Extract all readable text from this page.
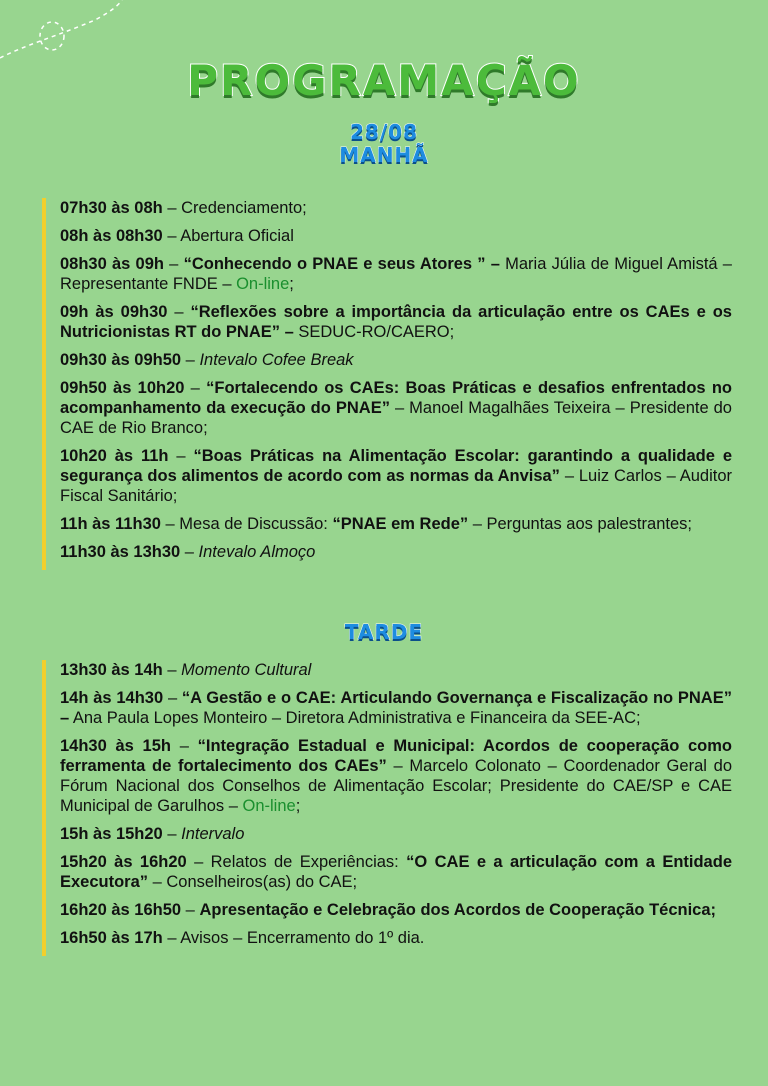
PROGRAMAÇÃO
28/08
MANHÃ
07h30 às 08h – Credenciamento;
08h às 08h30 – Abertura Oficial
08h30 às 09h – “Conhecendo o PNAE e seus Atores ” – Maria Júlia de Miguel Amistá – Representante FNDE – On-line;
09h às 09h30 – “Reflexões sobre a importância da articulação entre os CAEs e os Nutricionistas RT do PNAE” – SEDUC-RO/CAERO;
09h30 às 09h50 – Intevalo Cofee Break
09h50 às 10h20 – “Fortalecendo os CAEs: Boas Práticas e desafios enfrentados no acompanhamento da execução do PNAE” – Manoel Magalhães Teixeira – Presidente do CAE de Rio Branco;
10h20 às 11h – “Boas Práticas na Alimentação Escolar: garantindo a qualidade e segurança dos alimentos de acordo com as normas da Anvisa” – Luiz Carlos – Auditor Fiscal Sanitário;
11h às 11h30 – Mesa de Discussão: “PNAE em Rede” – Perguntas aos palestrantes;
11h30 às 13h30 – Intevalo Almoço
TARDE
13h30 às 14h – Momento Cultural
14h às 14h30 – “A Gestão e o CAE: Articulando Governança e Fiscalização no PNAE” – Ana Paula Lopes Monteiro – Diretora Administrativa e Financeira da SEE-AC;
14h30 às 15h – “Integração Estadual e Municipal: Acordos de cooperação como ferramenta de fortalecimento dos CAEs” – Marcelo Colonato – Coordenador Geral do Fórum Nacional dos Conselhos de Alimentação Escolar; Presidente do CAE/SP e CAE Municipal de Garulhos – On-line;
15h às 15h20 – Intervalo
15h20 às 16h20 – Relatos de Experiências: “O CAE e a articulação com a Entidade Executora” – Conselheiros(as) do CAE;
16h20 às 16h50 – Apresentação e Celebração dos Acordos de Cooperação Técnica;
16h50 às 17h – Avisos – Encerramento do 1º dia.
